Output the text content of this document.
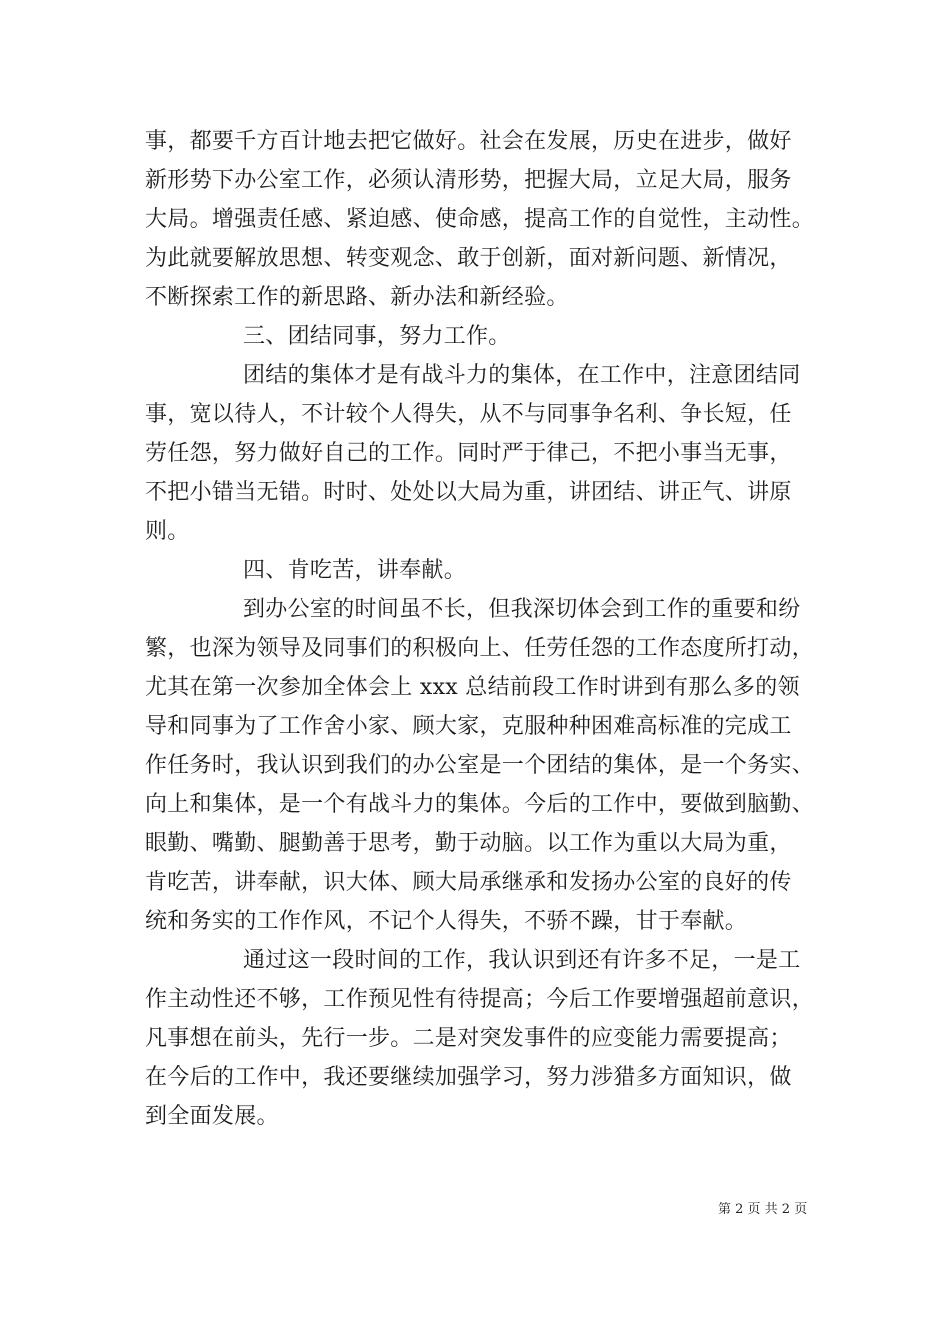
事，都要千方百计地去把它做好。社会在发展，历史在进步，做好
新形势下办公室工作，必须认清形势，把握大局，立足大局，服务
大局。增强责任感、紧迫感、使命感，提高工作的自觉性，主动性。
为此就要解放思想、转变观念、敢于创新，面对新问题、新情况，
不断探索工作的新思路、新办法和新经验。
三、团结同事，努力工作。
团结的集体才是有战斗力的集体，在工作中，注意团结同
事，宽以待人，不计较个人得失，从不与同事争名利、争长短，任
劳任怨，努力做好自己的工作。同时严于律己，不把小事当无事，
不把小错当无错。时时、处处以大局为重，讲团结、讲正气、讲原
则。
四、肯吃苦，讲奉献。
到办公室的时间虽不长，但我深切体会到工作的重要和纷
繁，也深为领导及同事们的积极向上、任劳任怨的工作态度所打动，
尤其在第一次参加全体会上 xxx 总结前段工作时讲到有那么多的领
导和同事为了工作舍小家、顾大家，克服种种困难高标准的完成工
作任务时，我认识到我们的办公室是一个团结的集体，是一个务实、
向上和集体，是一个有战斗力的集体。今后的工作中，要做到脑勤、
眼勤、嘴勤、腿勤善于思考，勤于动脑。以工作为重以大局为重，
肯吃苦，讲奉献，识大体、顾大局承继承和发扬办公室的良好的传
统和务实的工作作风，不记个人得失，不骄不躁，甘于奉献。
通过这一段时间的工作，我认识到还有许多不足，一是工
作主动性还不够，工作预见性有待提高；今后工作要增强超前意识，
凡事想在前头，先行一步。二是对突发事件的应变能力需要提高；
在今后的工作中，我还要继续加强学习，努力涉猎多方面知识，做
到全面发展。
第 2 页 共 2 页
